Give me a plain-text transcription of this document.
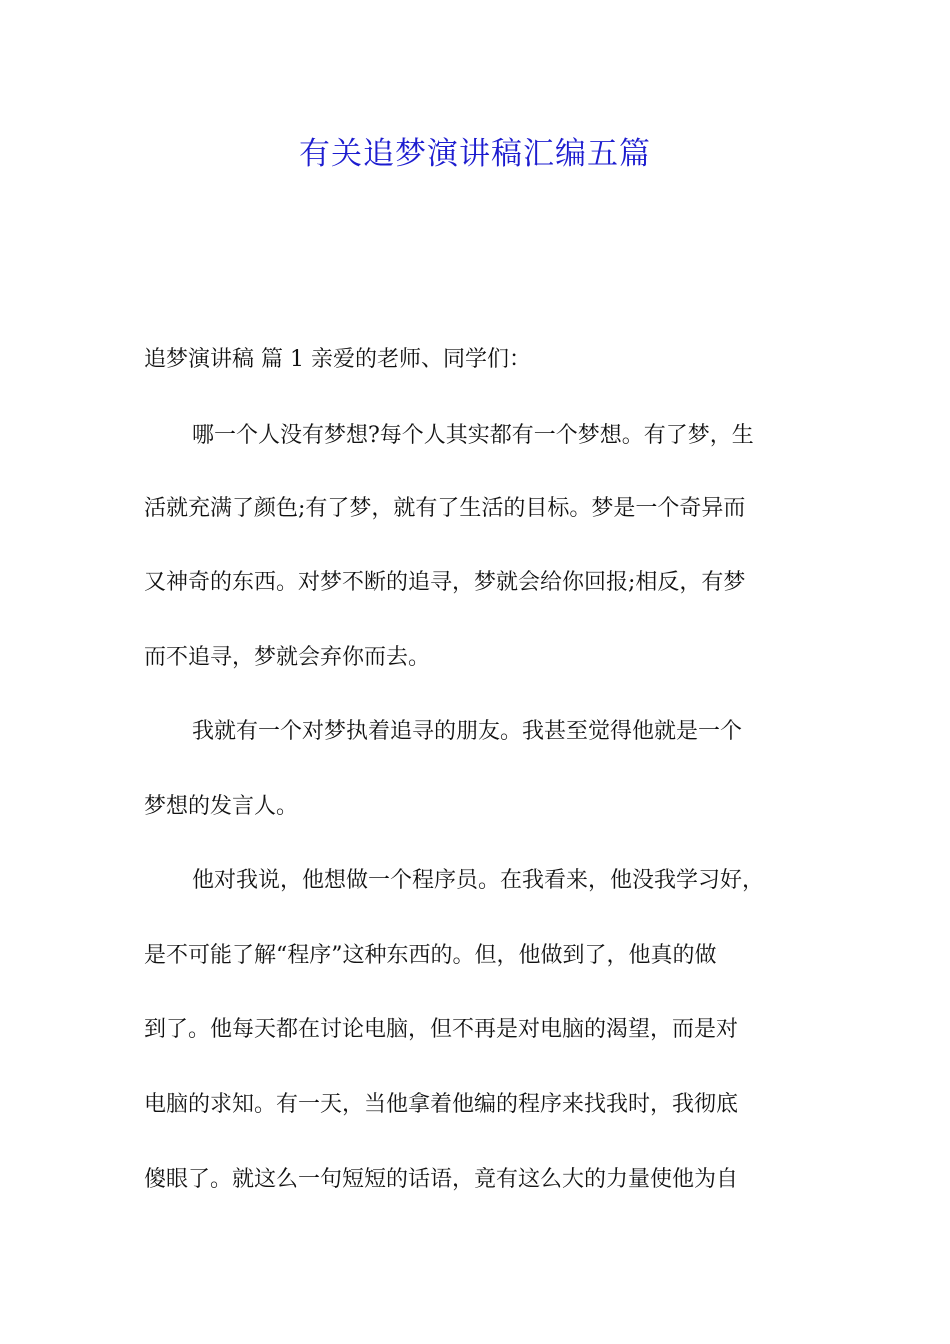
有关追梦演讲稿汇编五篇
追梦演讲稿 篇 1 亲爱的老师、同学们：
哪一个人没有梦想?每个人其实都有一个梦想。有了梦，生
活就充满了颜色;有了梦，就有了生活的目标。梦是一个奇异而
又神奇的东西。对梦不断的追寻，梦就会给你回报;相反，有梦
而不追寻，梦就会弃你而去。
我就有一个对梦执着追寻的朋友。我甚至觉得他就是一个
梦想的发言人。
他对我说，他想做一个程序员。在我看来，他没我学习好，
是不可能了解“程序”这种东西的。但，他做到了，他真的做
到了。他每天都在讨论电脑，但不再是对电脑的渴望，而是对
电脑的求知。有一天，当他拿着他编的程序来找我时，我彻底
傻眼了。就这么一句短短的话语，竟有这么大的力量使他为自
